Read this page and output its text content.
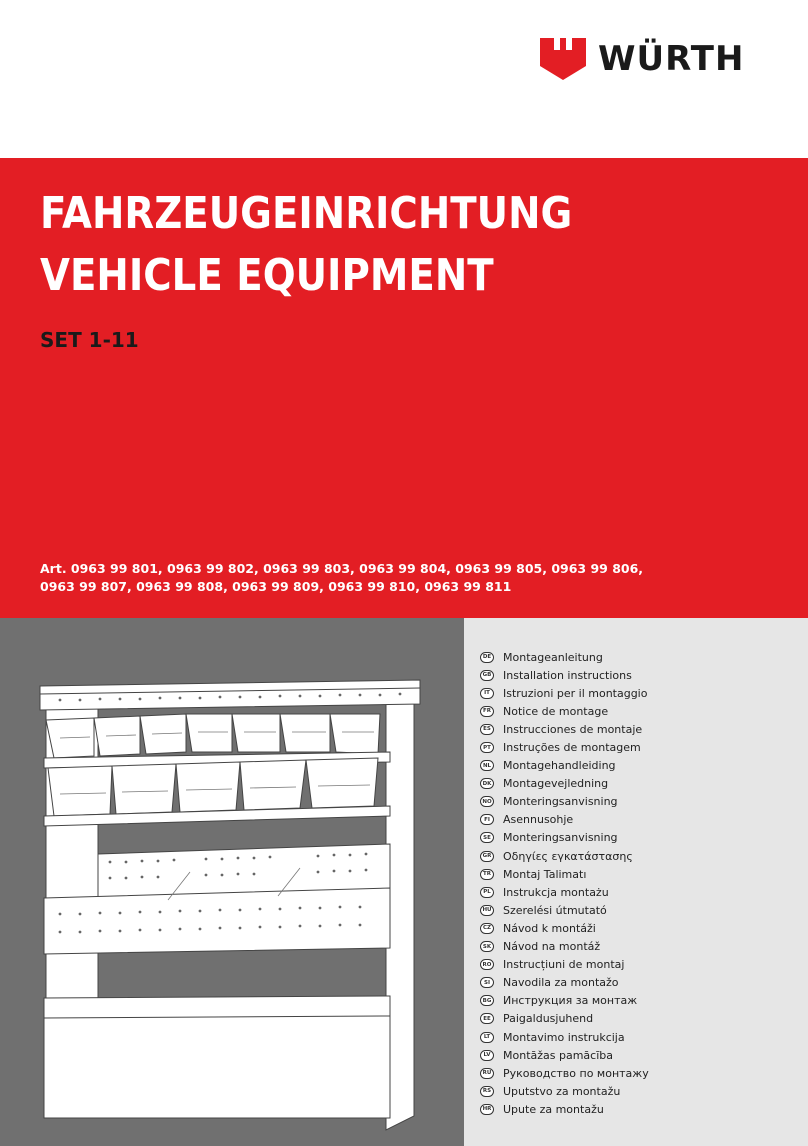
WÜRTH
FAHRZEUGEINRICHTUNG
VEHICLE EQUIPMENT
SET 1-11
Art. 0963 99 801, 0963 99 802, 0963 99 803, 0963 99 804, 0963 99 805, 0963 99 806,
0963 99 807, 0963 99 808, 0963 99 809, 0963 99 810, 0963 99 811
DE Montageanleitung
GB Installation instructions
IT	Istruzioni per il montaggio
FR Notice de montage
ES Instrucciones de montaje
PT Instruções de montagem
NL Montagehandleiding
DK Montagevejledning
NO Monteringsanvisning
FI	Asennusohje
SE Monteringsanvisning
GR Οδηγίες εγκατάστασης
TR Montaj Talimatı
PL Instrukcja montażu
HU Szerelési útmutató
CZ Návod k montáži
SK Návod na montáž
RO Instrucțiuni de montaj
SI	Navodila za montažo
BG Инструкция за монтаж
EE Paigaldusjuhend
LT	Montavimo instrukcija
LV	Montāžas pamācība
RU Руководство по монтажу
RS Uputstvo za montažu
HR Upute za montažu
